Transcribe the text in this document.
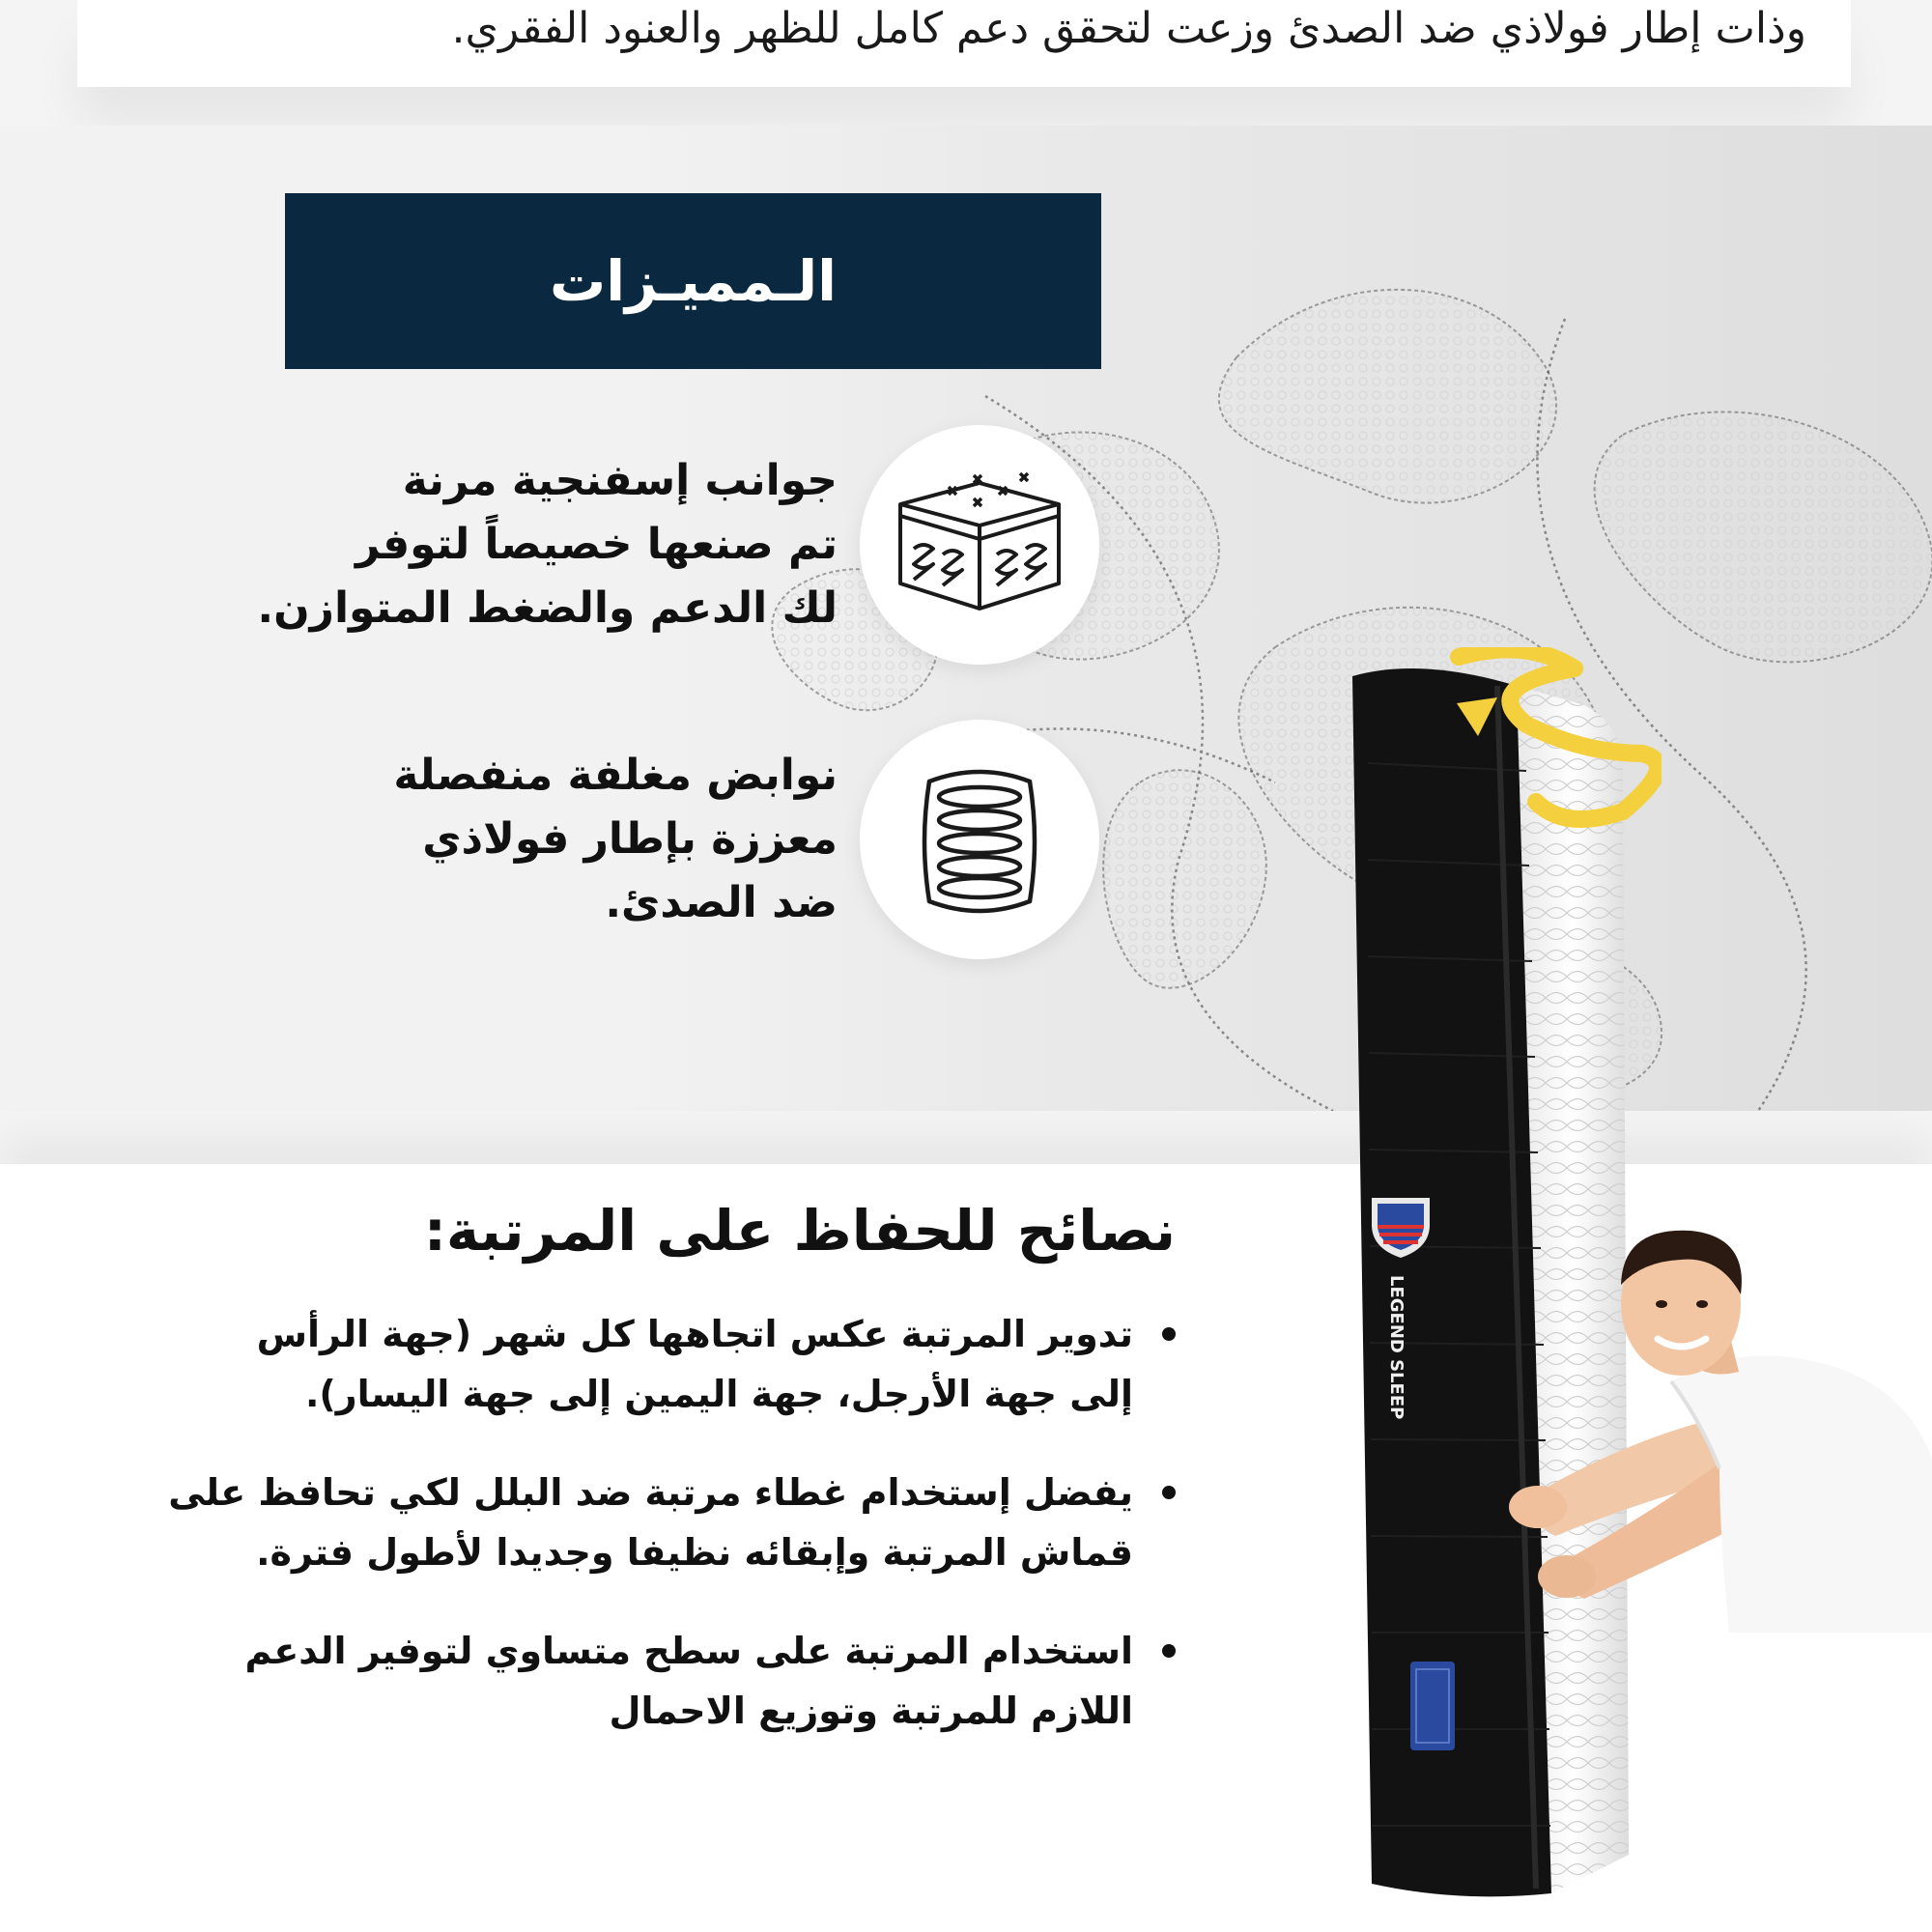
وذات إطار فولاذي ضد الصدئ وزعت لتحقق دعم كامل للظهر والعنود الفقري.
الـمميـزات
جوانب إسفنجية مرنة
تم صنعها خصيصاً لتوفر
لك الدعم والضغط المتوازن.
نوابض مغلفة منفصلة
معززة بإطار فولاذي
ضد الصدئ.
نصائح للحفاظ على المرتبة:
تدوير المرتبة عكس اتجاهها كل شهر (جهة الرأس
إلى جهة الأرجل، جهة اليمين إلى جهة اليسار).
يفضل إستخدام غطاء مرتبة ضد البلل لكي تحافظ على
قماش المرتبة وإبقائه نظيفا وجديدا لأطول فترة.
استخدام المرتبة على سطح متساوي لتوفير الدعم
اللازم للمرتبة وتوزيع الاحمال
LEGEND SLEEP
